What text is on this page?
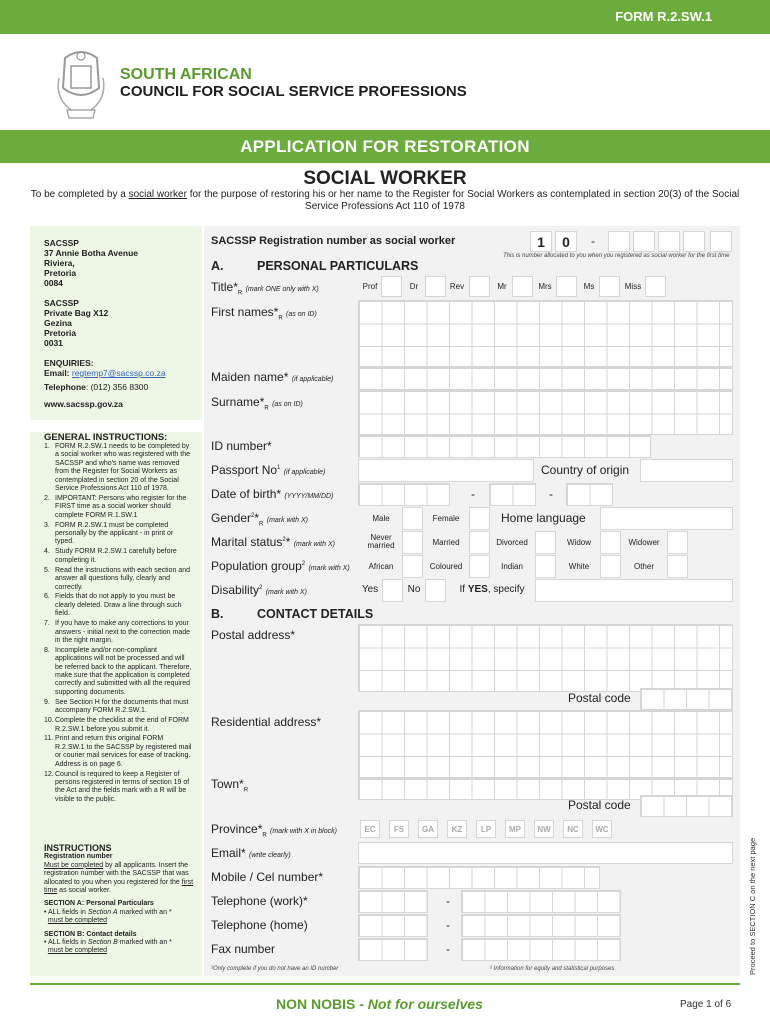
FORM R.2.SW.1
SOUTH AFRICAN
COUNCIL FOR SOCIAL SERVICE PROFESSIONS
APPLICATION FOR RESTORATION
SOCIAL WORKER
To be completed by a social worker for the purpose of restoring his or her name to the Register for Social Workers as contemplated in section 20(3) of the Social Service Professions Act 110 of 1978
SACSSP
37 Annie Botha Avenue
Riviera,
Pretoria
0084
SACSSP
Private Bag X12
Gezina
Pretoria
0031
ENQUIRIES:
Email: regtemp7@sacssp.co.za
Telephone: (012) 356 8300
www.sacssp.gov.za
GENERAL INSTRUCTIONS:
1. FORM R.2.SW.1 needs to be completed by a social worker who was registered with the SACSSP and who's name was removed from the Register for Social Workers as contemplated in section 20 of the Social Service Professions Act 110 of 1978.
2. IMPORTANT: Persons who register for the FIRST time as a social worker should complete FORM R.1.SW.1
3. FORM R.2.SW.1 must be completed personally by the applicant - in print or typed.
4. Study FORM R.2.SW.1 carefully before completing it.
5. Read the instructions with each section and answer all questions fully, clearly and correctly.
6. Fields that do not apply to you must be clearly deleted. Draw a line through such field.
7. If you have to make any corrections to your answers - initial next to the correction made in the right margin.
8. Incomplete and/or non-compliant applications will not be processed and will be referred back to the applicant. Therefore, make sure that the application is completed correctly and submitted with all the required supporting documents.
9. See Section H for the documents that must accompany FORM R.2.SW.1.
10. Complete the checklist at the end of FORM R.2.SW.1 before you submit it.
11. Print and return this original FORM R.2.SW.1 to the SACSSP by registered mail or courier mail services for ease of tracking. Address is on page 6.
12. Council is required to keep a Register of persons registered in terms of section 19 of the Act and the fields mark with a R will be visible to the public.
INSTRUCTIONS
Registration number
Must be completed by all applicants. Insert the registration number with the SACSSP that was allocated to you when you registered for the first time as social worker.
SECTION A: Personal Particulars
• ALL fields in Section A marked with an *
must be completed
SECTION B: Contact details
• ALL fields in Section B marked with an *
must be completed
SACSSP Registration number as social worker	1	0	-
This is number allocated to you when you registered as social worker for the first time
A.	PERSONAL PARTICULARS
$Title*_R$ (mark ONE only with X)	Prof	Dr	Rev	Mr	Mrs	Ms	Miss
First $names*_R$ (as on ID)
Maiden name* (if applicable)
$Surname*_R$ (as on ID)
ID number*
Passport No$^1$ (if applicable)	Country of origin
Date of birth* (YYYY/MM/DD)	-	-
$Gender^2*_R$ (mark with X)	Male	Female	Home language
Marital status$^2$* (mark with X)
Never married	Married	Divorced	Widow	Widower
Population group$^2$ (mark with X)	African	Coloured	Indian	White	Other
Disability$^2$ (mark with X)	Yes	No	If YES, specify
B.	CONTACT DETAILS
Postal address*
Postal code
Residential address*
$Town*_R$
Postal code
$Province*_R$ (mark with X in block)	EC	FS	GA	KZ	LP	MP	NW	NC	WC
Email* (write clearly)
Mobile / Cel number*
Telephone (work)*	-
Telephone (home)	-
Fax number	-
¹Only complete if you do not have an ID number	² Information for equity and statistical purposes	Proceed to SECTION C on the next page
NON NOBIS - Not for ourselves	Page 1 of 6
